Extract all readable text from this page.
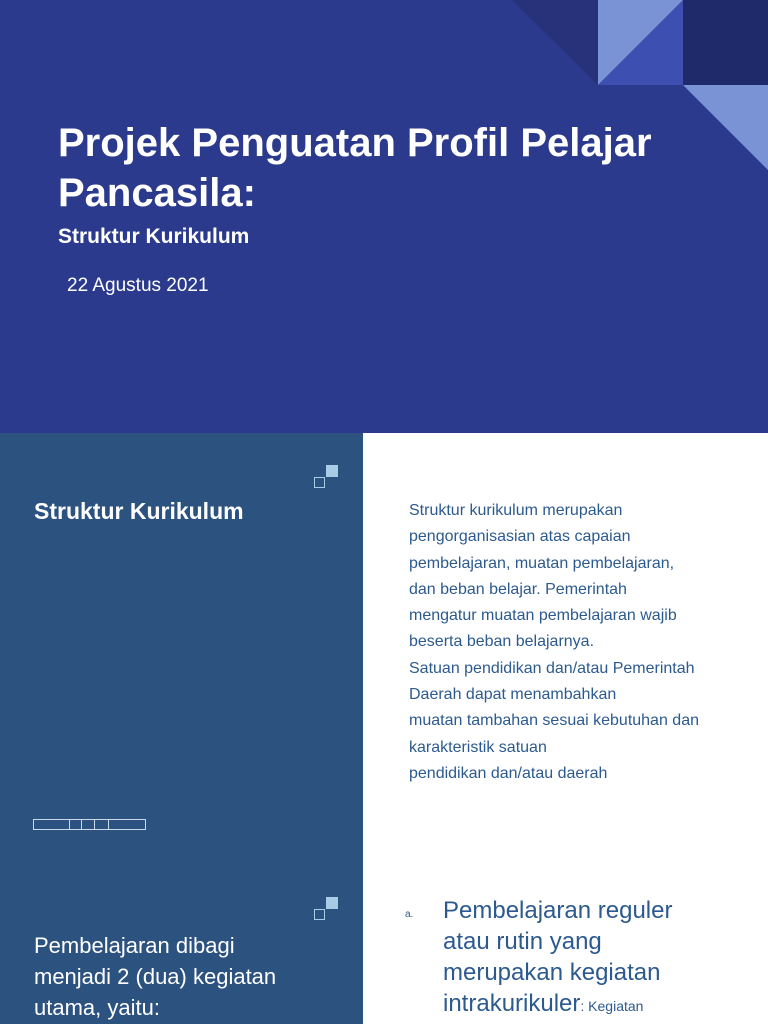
Projek Penguatan Profil Pelajar
Pancasila:
Struktur Kurikulum
22 Agustus 2021
Struktur Kurikulum	Struktur kurikulum merupakan
pengorganisasian atas capaian
pembelajaran, muatan pembelajaran,
dan beban belajar. Pemerintah
mengatur muatan pembelajaran wajib
beserta beban belajarnya.
Satuan pendidikan dan/atau Pemerintah
Daerah dapat menambahkan
muatan tambahan sesuai kebutuhan dan
karakteristik satuan
pendidikan dan/atau daerah
Pembelajaran dibagi
menjadi 2 (dua) kegiatan
utama, yaitu:
a. Pembelajaran reguler
atau rutin yang
merupakan kegiatan
intrakurikuler: Kegiatan
